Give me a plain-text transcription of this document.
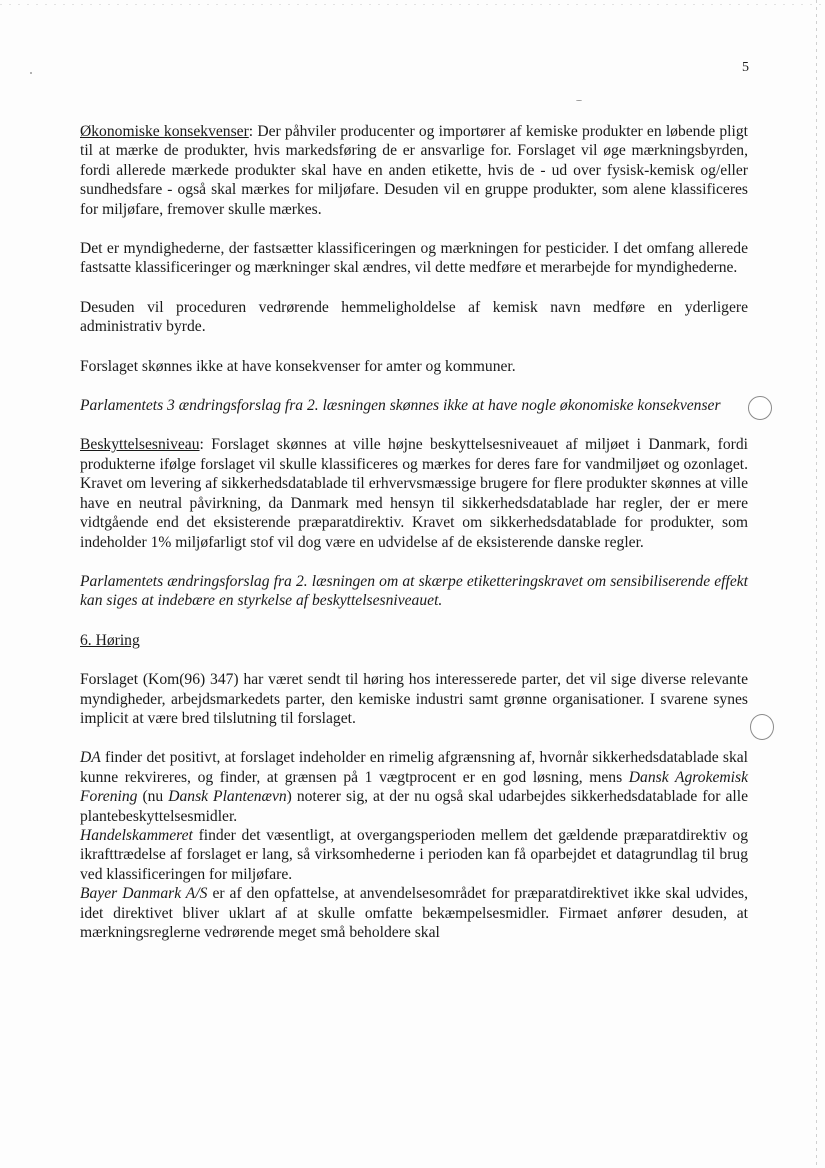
5

Økonomiske konsekvenser: Der påhviler producenter og importører af kemiske produkter en løbende pligt til at mærke de produkter, hvis markedsføring de er ansvarlige for. Forslaget vil øge mærkningsbyrden, fordi allerede mærkede produkter skal have en anden etikette, hvis de - ud over fysisk-kemisk og/eller sundhedsfare - også skal mærkes for miljøfare. Desuden vil en gruppe produkter, som alene klassificeres for miljøfare, fremover skulle mærkes.

Det er myndighederne, der fastsætter klassificeringen og mærkningen for pesticider. I det omfang allerede fastsatte klassificeringer og mærkninger skal ændres, vil dette medføre et merarbejde for myndighederne.

Desuden vil proceduren vedrørende hemmeligholdelse af kemisk navn medføre en yderligere administrativ byrde.

Forslaget skønnes ikke at have konsekvenser for amter og kommuner.

Parlamentets 3 ændringsforslag fra 2. læsningen skønnes ikke at have nogle økonomiske konsekvenser

Beskyttelsesniveau: Forslaget skønnes at ville højne beskyttelsesniveauet af miljøet i Danmark, fordi produkterne ifølge forslaget vil skulle klassificeres og mærkes for deres fare for vandmiljøet og ozonlaget. Kravet om levering af sikkerhedsdatablade til erhvervsmæssige brugere for flere produkter skønnes at ville have en neutral påvirkning, da Danmark med hensyn til sikkerhedsdatablade har regler, der er mere vidtgående end det eksisterende præparatdirektiv. Kravet om sikkerhedsdatablade for produkter, som indeholder 1% miljøfarligt stof vil dog være en udvidelse af de eksisterende danske regler.

Parlamentets ændringsforslag fra 2. læsningen om at skærpe etiketteringskravet om sensibiliserende effekt kan siges at indebære en styrkelse af beskyttelsesniveauet.

6. Høring

Forslaget (Kom(96) 347) har været sendt til høring hos interesserede parter, det vil sige diverse relevante myndigheder, arbejdsmarkedets parter, den kemiske industri samt grønne organisationer. I svarene synes implicit at være bred tilslutning til forslaget.

DA finder det positivt, at forslaget indeholder en rimelig afgrænsning af, hvornår sikkerhedsdatablade skal kunne rekvireres, og finder, at grænsen på 1 vægtprocent er en god løsning, mens Dansk Agrokemisk Forening (nu Dansk Plantenævn) noterer sig, at der nu også skal udarbejdes sikkerhedsdatablade for alle plantebeskyttelsesmidler.

Handelskammeret finder det væsentligt, at overgangsperioden mellem det gældende præparatdirektiv og ikrafttrædelse af forslaget er lang, så virksomhederne i perioden kan få oparbejdet et datagrundlag til brug ved klassificeringen for miljøfare.

Bayer Danmark A/S er af den opfattelse, at anvendelsesområdet for præparatdirektivet ikke skal udvides, idet direktivet bliver uklart af at skulle omfatte bekæmpelsesmidler. Firmaet anfører desuden, at mærkningsreglerne vedrørende meget små beholdere skal
